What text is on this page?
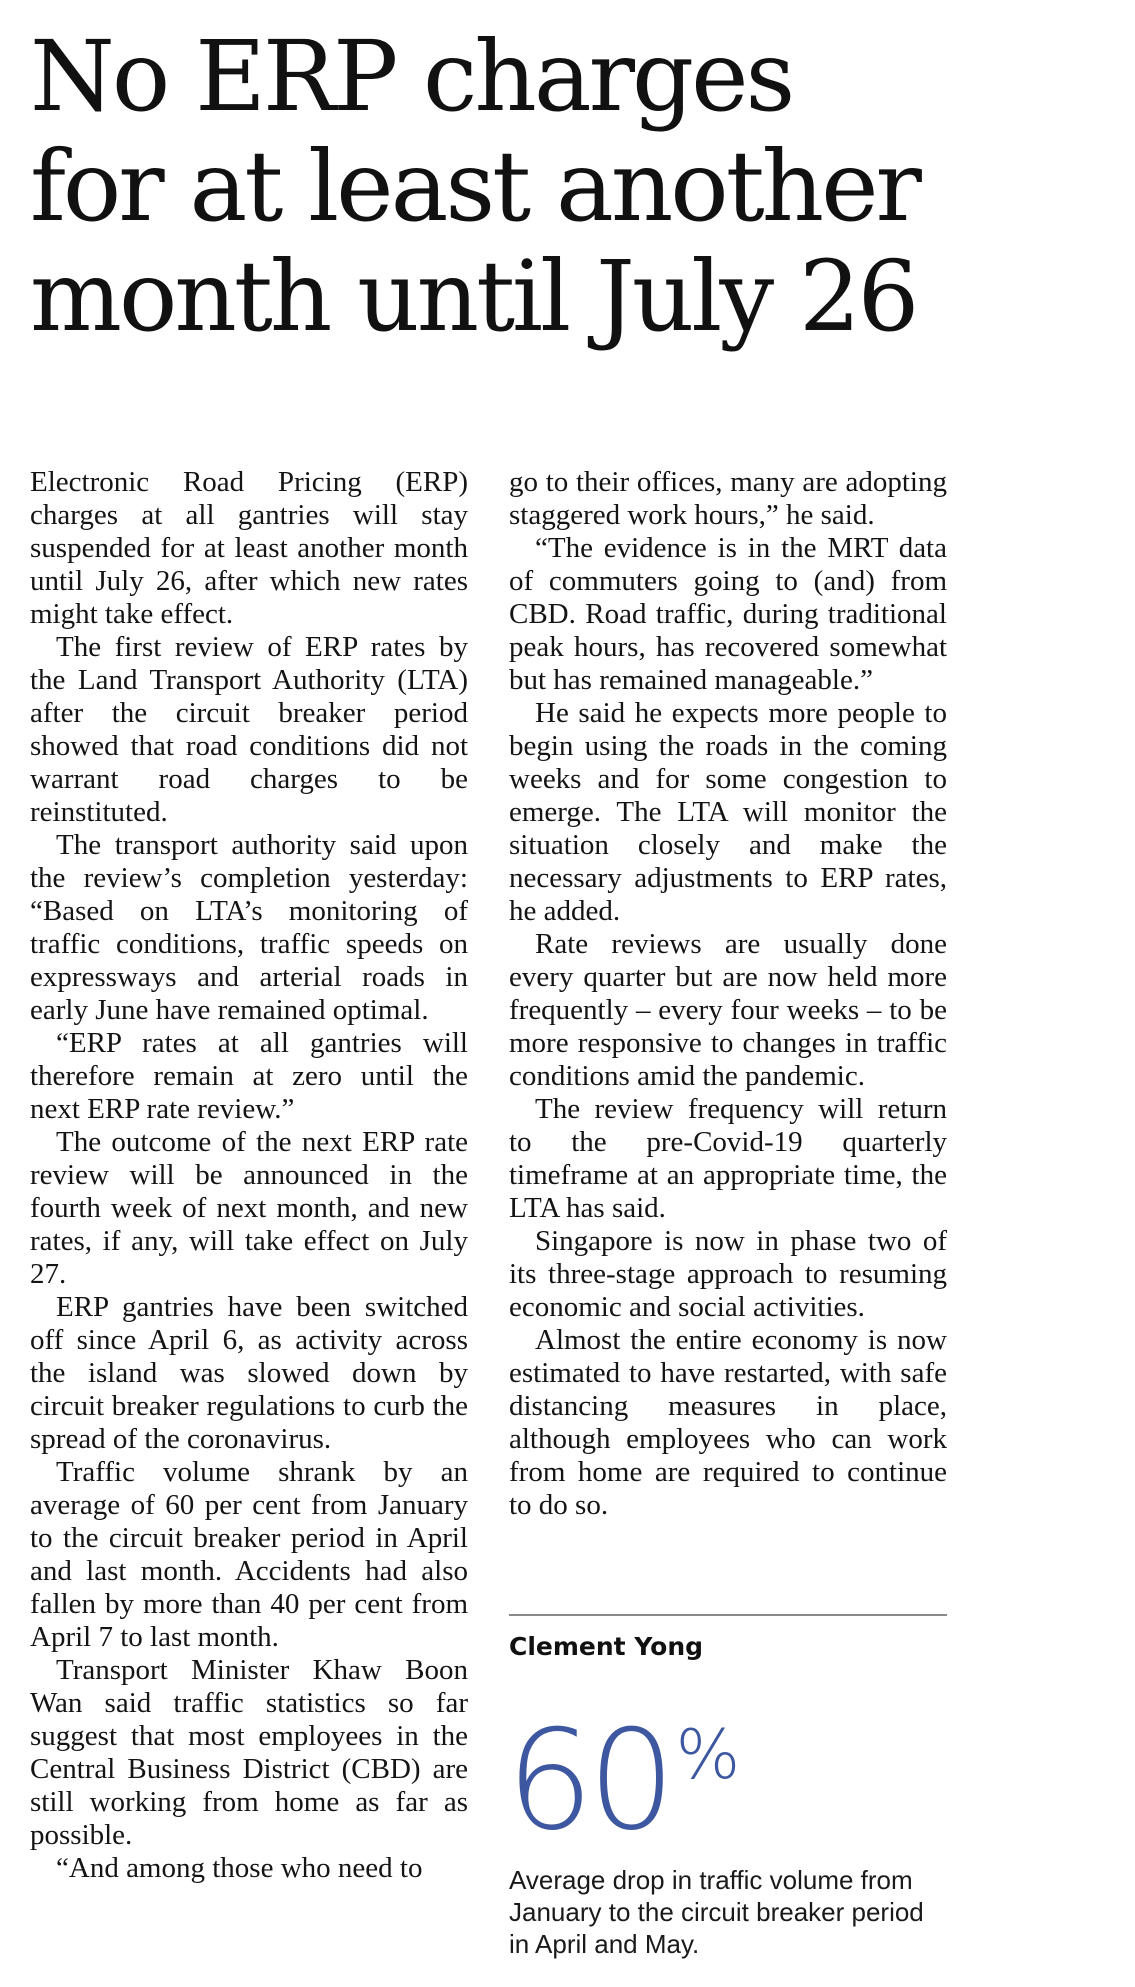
No ERP charges for at least another month until July 26

Electronic Road Pricing (ERP) charges at all gantries will stay suspended for at least another month until July 26, after which new rates might take effect.

The first review of ERP rates by the Land Transport Authority (LTA) after the circuit breaker period showed that road conditions did not warrant road charges to be reinstituted.

The transport authority said upon the review’s completion yesterday: “Based on LTA’s monitoring of traffic conditions, traffic speeds on expressways and arterial roads in early June have remained optimal.

“ERP rates at all gantries will therefore remain at zero until the next ERP rate review.”

The outcome of the next ERP rate review will be announced in the fourth week of next month, and new rates, if any, will take effect on July 27.

ERP gantries have been switched off since April 6, as activity across the island was slowed down by circuit breaker regulations to curb the spread of the coronavirus.

Traffic volume shrank by an average of 60 per cent from January to the circuit breaker period in April and last month. Accidents had also fallen by more than 40 per cent from April 7 to last month.

Transport Minister Khaw Boon Wan said traffic statistics so far suggest that most employees in the Central Business District (CBD) are still working from home as far as possible.

“And among those who need to

go to their offices, many are adopting staggered work hours,” he said.

“The evidence is in the MRT data of commuters going to (and) from CBD. Road traffic, during traditional peak hours, has recovered somewhat but has remained manageable.”

He said he expects more people to begin using the roads in the coming weeks and for some congestion to emerge. The LTA will monitor the situation closely and make the necessary adjustments to ERP rates, he added.

Rate reviews are usually done every quarter but are now held more frequently – every four weeks – to be more responsive to changes in traffic conditions amid the pandemic.

The review frequency will return to the pre-Covid-19 quarterly timeframe at an appropriate time, the LTA has said.

Singapore is now in phase two of its three-stage approach to resuming economic and social activities.

Almost the entire economy is now estimated to have restarted, with safe distancing measures in place, although employees who can work from home are required to continue to do so.

Clement Yong
60%

Average drop in traffic volume from January to the circuit breaker period in April and May.
